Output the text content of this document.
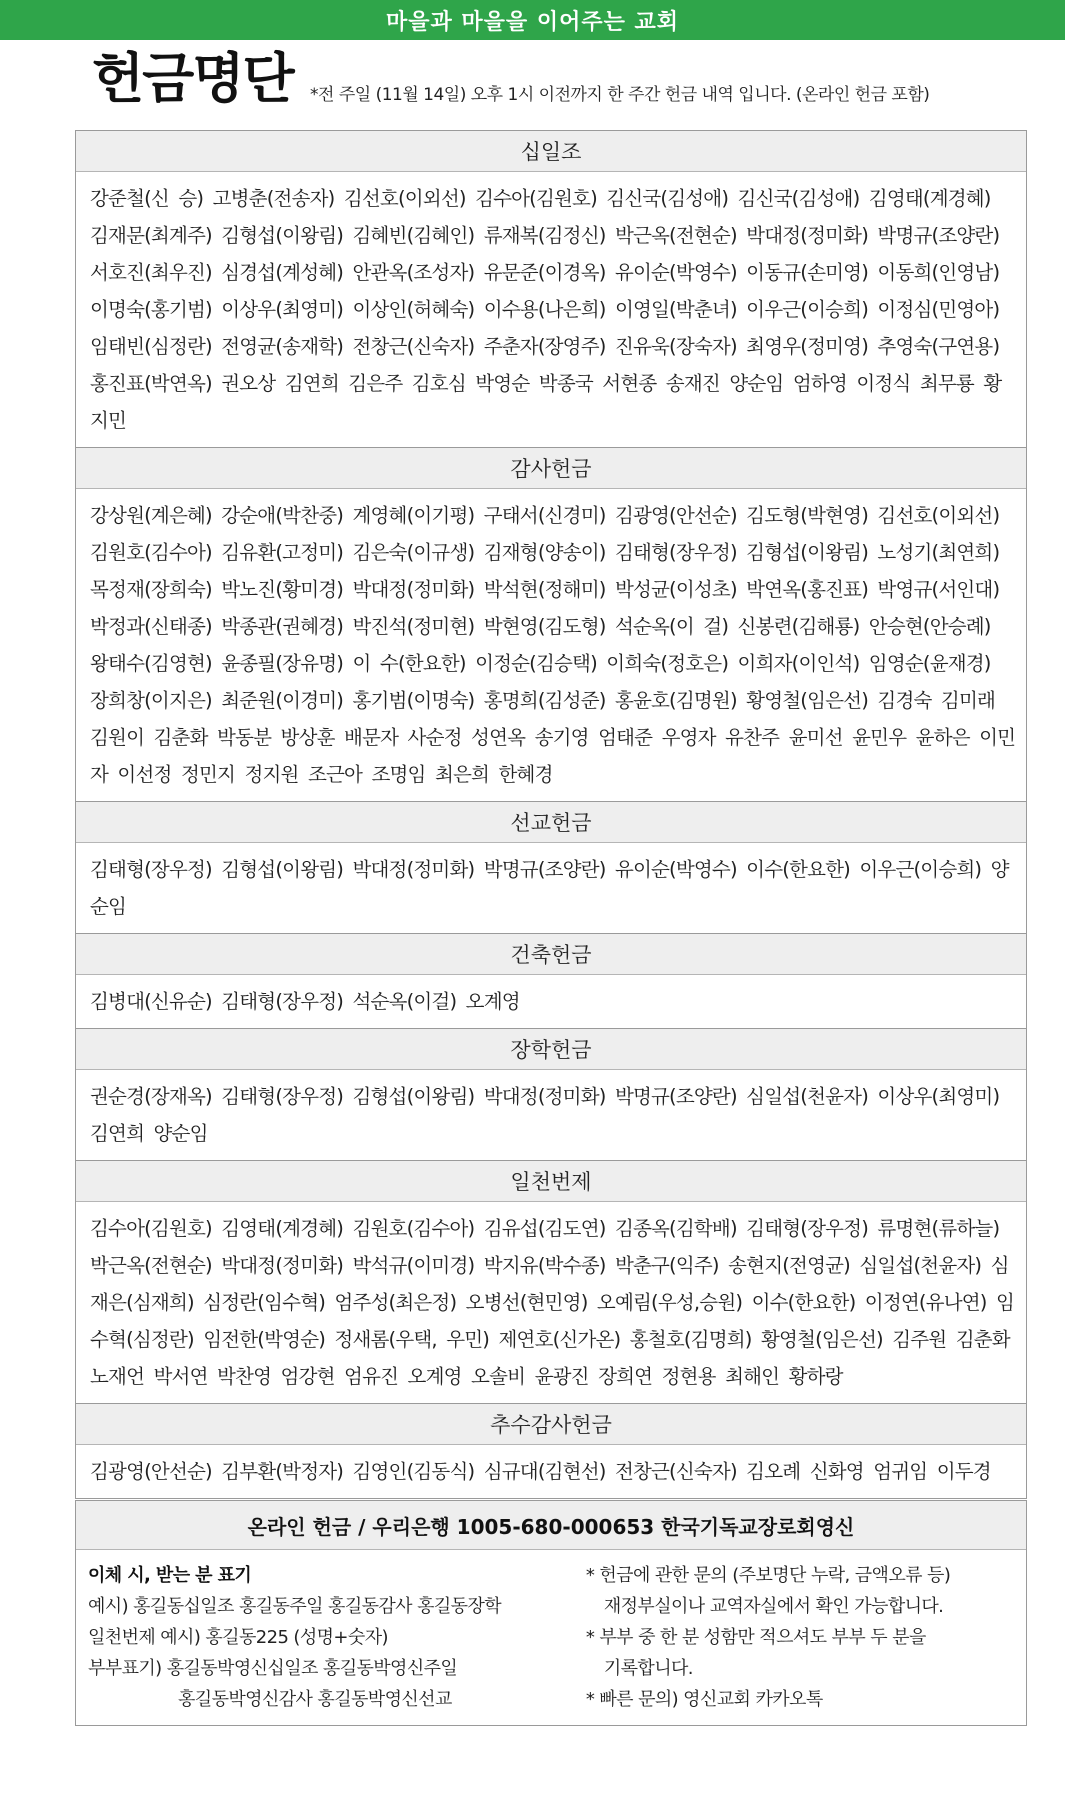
마을과 마을을 이어주는 교회
헌금명단 *전 주일 (11월 14일) 오후 1시 이전까지 한 주간 헌금 내역 입니다. (온라인 헌금 포함)
십일조
강준철(신 승) 고병춘(전송자) 김선호(이외선) 김수아(김원호) 김신국(김성애) 김신국(김성애) 김영태(계경혜) 김재문(최계주) 김형섭(이왕림) 김혜빈(김혜인) 류재복(김정신) 박근옥(전현순) 박대정(정미화) 박명규(조양란) 서호진(최우진) 심경섭(계성혜) 안관옥(조성자) 유문준(이경옥) 유이순(박영수) 이동규(손미영) 이동희(인영남) 이명숙(홍기범) 이상우(최영미) 이상인(허혜숙) 이수용(나은희) 이영일(박춘녀) 이우근(이승희) 이정심(민영아) 임태빈(심정란) 전영균(송재학) 전창근(신숙자) 주춘자(장영주) 진유욱(장숙자) 최영우(정미영) 추영숙(구연용) 홍진표(박연옥) 권오상 김연희 김은주 김호심 박영순 박종국 서현종 송재진 양순임 엄하영 이정식 최무룡 황지민
감사헌금
강상원(계은혜) 강순애(박찬중) 계영혜(이기평) 구태서(신경미) 김광영(안선순) 김도형(박현영) 김선호(이외선) 김원호(김수아) 김유환(고정미) 김은숙(이규생) 김재형(양송이) 김태형(장우정) 김형섭(이왕림) 노성기(최연희) 목정재(장희숙) 박노진(황미경) 박대정(정미화) 박석현(정해미) 박성균(이성초) 박연옥(홍진표) 박영규(서인대) 박정과(신태종) 박종관(권혜경) 박진석(정미현) 박현영(김도형) 석순옥(이 걸) 신봉련(김해룡) 안승현(안승례) 왕태수(김영현) 윤종필(장유명) 이 수(한요한) 이정순(김승택) 이희숙(정호은) 이희자(이인석) 임영순(윤재경) 장희창(이지은) 최준원(이경미) 홍기범(이명숙) 홍명희(김성준) 홍윤호(김명원) 황영철(임은선) 김경숙 김미래 김원이 김춘화 박동분 방상훈 배문자 사순정 성연옥 송기영 엄태준 우영자 유찬주 윤미선 윤민우 윤하은 이민자 이선정 정민지 정지원 조근아 조명임 최은희 한혜경
선교헌금
김태형(장우정) 김형섭(이왕림) 박대정(정미화) 박명규(조양란) 유이순(박영수) 이수(한요한) 이우근(이승희) 양순임
건축헌금
김병대(신유순) 김태형(장우정) 석순옥(이걸) 오계영
장학헌금
권순경(장재옥) 김태형(장우정) 김형섭(이왕림) 박대정(정미화) 박명규(조양란) 심일섭(천윤자) 이상우(최영미) 김연희 양순임
일천번제
김수아(김원호) 김영태(계경혜) 김원호(김수아) 김유섭(김도연) 김종옥(김학배) 김태형(장우정) 류명현(류하늘) 박근옥(전현순) 박대정(정미화) 박석규(이미경) 박지유(박수종) 박춘구(익주) 송현지(전영균) 심일섭(천윤자) 심재은(심재희) 심정란(임수혁) 엄주성(최은정) 오병선(현민영) 오예림(우성,승원) 이수(한요한) 이정연(유나연) 임수혁(심정란) 임전한(박영순) 정새롬(우택, 우민) 제연호(신가온) 홍철호(김명희) 황영철(임은선) 김주원 김춘화 노재언 박서연 박찬영 엄강현 엄유진 오계영 오솔비 윤광진 장희연 정현용 최해인 황하랑
추수감사헌금
김광영(안선순) 김부환(박정자) 김영인(김동식) 심규대(김현선) 전창근(신숙자) 김오례 신화영 엄귀임 이두경
온라인 헌금 / 우리은행 1005-680-000653 한국기독교장로회영신
이체 시, 받는 분 표기
예시) 홍길동십일조 홍길동주일 홍길동감사 홍길동장학
일천번제 예시) 홍길동225 (성명+숫자)
부부표기) 홍길동박영신십일조 홍길동박영신주일
홍길동박영신감사 홍길동박영신선교
* 헌금에 관한 문의 (주보명단 누락, 금액오류 등)
재정부실이나 교역자실에서 확인 가능합니다.
* 부부 중 한 분 성함만 적으셔도 부부 두 분을
기록합니다.
* 빠른 문의) 영신교회 카카오톡
